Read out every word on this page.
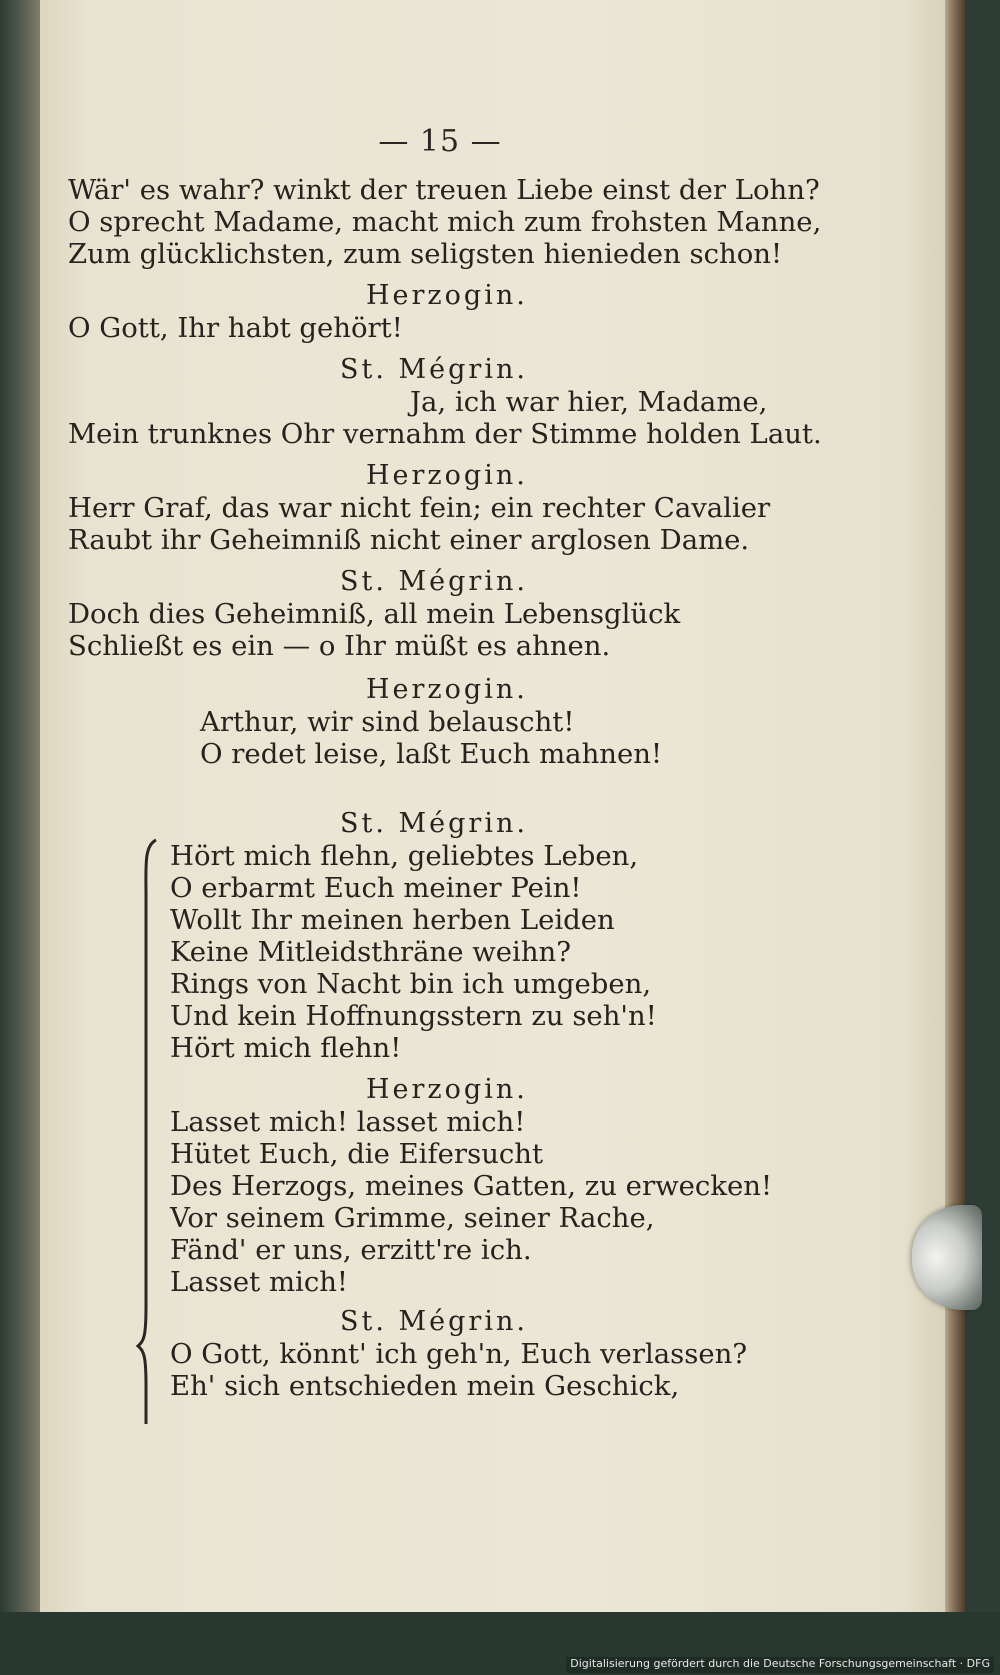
— 15 —
Wär' es wahr? winkt der treuen Liebe einst der Lohn?
O sprecht Madame, macht mich zum frohsten Manne,
Zum glücklichsten, zum seligsten hienieden schon!
Herzogin.
O Gott, Ihr habt gehört!
St. Mégrin.
Ja, ich war hier, Madame,
Mein trunknes Ohr vernahm der Stimme holden Laut.
Herzogin.
Herr Graf, das war nicht fein; ein rechter Cavalier
Raubt ihr Geheimniß nicht einer arglosen Dame.
St. Mégrin.
Doch dies Geheimniß, all mein Lebensglück
Schließt es ein — o Ihr müßt es ahnen.
Herzogin.
Arthur, wir sind belauscht!
O redet leise, laßt Euch mahnen!
St. Mégrin.
Hört mich flehn, geliebtes Leben,
O erbarmt Euch meiner Pein!
Wollt Ihr meinen herben Leiden
Keine Mitleidsthräne weihn?
Rings von Nacht bin ich umgeben,
Und kein Hoffnungsstern zu seh'n!
Hört mich flehn!
Herzogin.
Lasset mich! lasset mich!
Hütet Euch, die Eifersucht
Des Herzogs, meines Gatten, zu erwecken!
Vor seinem Grimme, seiner Rache,
Fänd' er uns, erzitt're ich.
Lasset mich!
St. Mégrin.
O Gott, könnt' ich geh'n, Euch verlassen?
Eh' sich entschieden mein Geschick,
Digitalisierung gefördert durch die Deutsche Forschungsgemeinschaft · DFG
